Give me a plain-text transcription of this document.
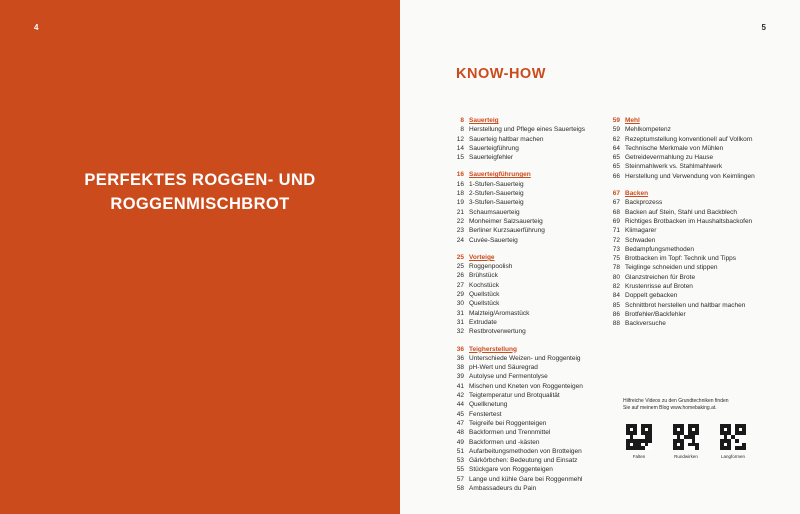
4
PERFEKTES ROGGEN- UND
ROGGENMISCHBROT
5
KNOW-HOW
8 Sauerteig
8 Herstellung und Pflege eines Sauerteigs
12 Sauerteig haltbar machen
14 Sauerteigführung
15 Sauerteigfehler
16 Sauerteigführungen
16 1-Stufen-Sauerteig
18 2-Stufen-Sauerteig
19 3-Stufen-Sauerteig
21 Schaumsauerteig
22 Monheimer Salzsauerteig
23 Berliner Kurzsauerführung
24 Cuvée-Sauerteig
25 Vorteige
25 Roggenpoolish
26 Brühstück
27 Kochstück
29 Quellstück
30 Quellstück
31 Malzteig/Aromastück
31 Extrudate
32 Restbrotverwertung
36 Teigherstellung
36 Unterschiede Weizen- und Roggenteig
38 pH-Wert und Säuregrad
39 Autolyse und Fermentolyse
41 Mischen und Kneten von Roggenteigen
42 Teigtemperatur und Brotqualität
44 Quellknetung
45 Fenstertest
47 Teigreife bei Roggenteigen
48 Backformen und Trennmittel
49 Backformen und -kästen
51 Aufarbeitungsmethoden von Brotteigen
53 Gärkörbchen: Bedeutung und Einsatz
55 Stückgare von Roggenteigen
57 Lange und kühle Gare bei Roggenmehl
58 Ambassadeurs du Pain
59 Mehl
59 Mehlkompetenz
62 Rezeptumstellung konventionell auf Vollkorn
64 Technische Merkmale von Mühlen
65 Getreidevermahlung zu Hause
65 Steinmahlwerk vs. Stahlmahlwerk
66 Herstellung und Verwendung von Keimlingen
67 Backen
67 Backprozess
68 Backen auf Stein, Stahl und Backblech
69 Richtiges Brotbacken im Haushaltsbackofen
71 Klimagarer
72 Schwaden
73 Bedampfungsmethoden
75 Brotbacken im Topf: Technik und Tipps
78 Teiglinge schneiden und stippen
80 Glanzstreichen für Brote
82 Krustenrisse auf Broten
84 Doppelt gebacken
85 Schnittbrot herstellen und haltbar machen
86 Brotfehler/Backfehler
88 Backversuche
Hilfreiche Videos zu den Grundtechniken finden
Sie auf meinem Blog www.homebaking.at.
Falten	Rundwirken	Langformen
